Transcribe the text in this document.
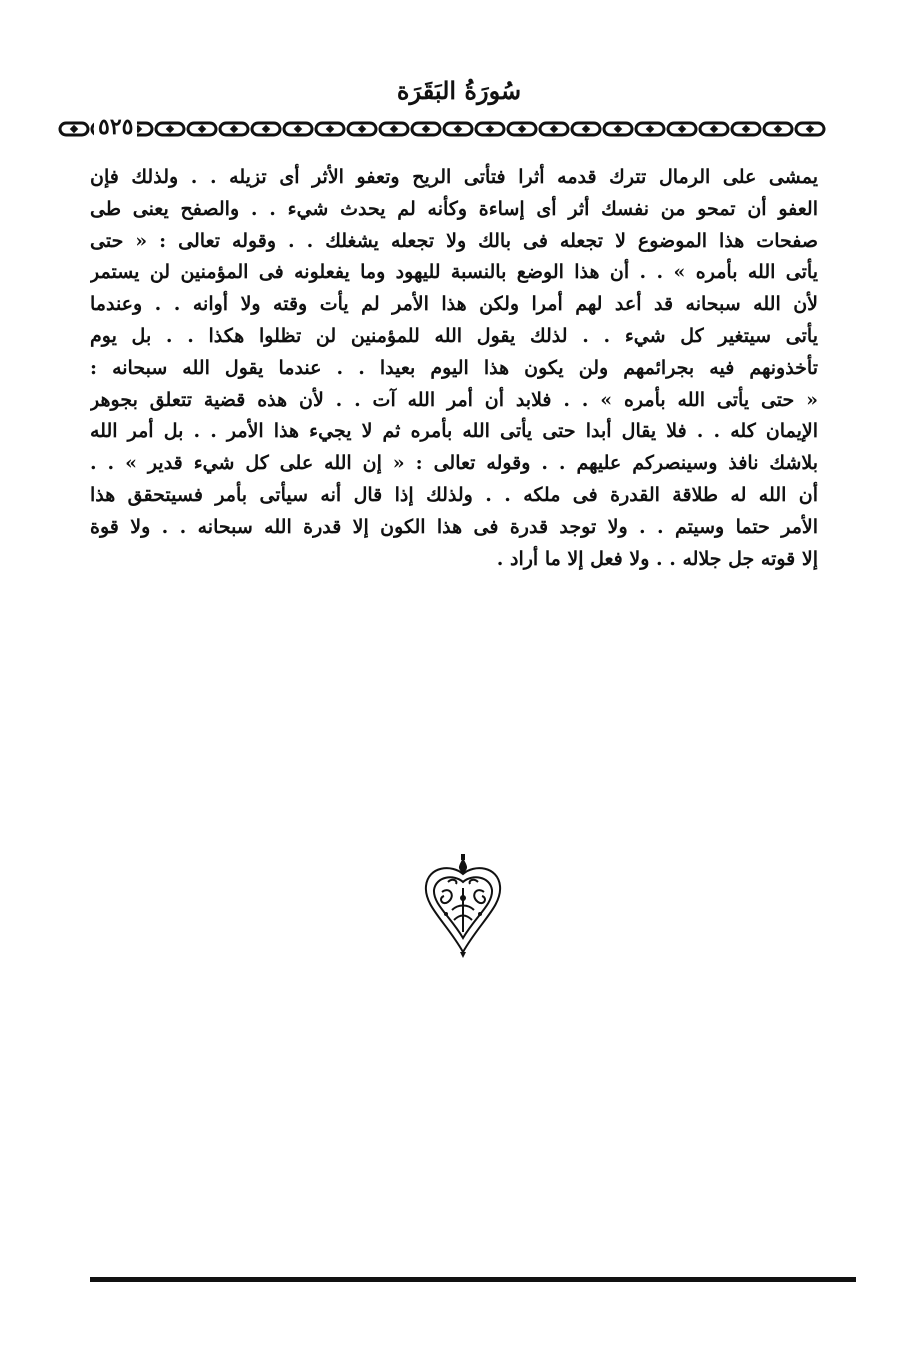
سُورَةُ البَقَرَة
٥٢٥
يمشى على الرمال تترك قدمه أثرا فتأتى الريح وتعفو الأثر أى تزيله . . ولذلك فإن
العفو أن تمحو من نفسك أثر أى إساءة وكأنه لم يحدث شيء . . والصفح يعنى طى
صفحات هذا الموضوع لا تجعله فى بالك ولا تجعله يشغلك . . وقوله تعالى : « حتى
يأتى الله بأمره » . . أن هذا الوضع بالنسبة لليهود وما يفعلونه فى المؤمنين لن يستمر
لأن الله سبحانه قد أعد لهم أمرا ولكن هذا الأمر لم يأت وقته ولا أوانه . . وعندما
يأتى سيتغير كل شيء . . لذلك يقول الله للمؤمنين لن تظلوا هكذا . . بل يوم
تأخذونهم فيه بجرائمهم ولن يكون هذا اليوم بعيدا . . عندما يقول الله سبحانه :
« حتى يأتى الله بأمره » . . فلابد أن أمر الله آت . . لأن هذه قضية تتعلق بجوهر
الإيمان كله . . فلا يقال أبدا حتى يأتى الله بأمره ثم لا يجيء هذا الأمر . . بل أمر الله
بلاشك نافذ وسينصركم عليهم . . وقوله تعالى : « إن الله على كل شيء قدير » . .
أن الله له طلاقة القدرة فى ملكه . . ولذلك إذا قال أنه سيأتى بأمر فسيتحقق هذا
الأمر حتما وسيتم . . ولا توجد قدرة فى هذا الكون إلا قدرة الله سبحانه . . ولا قوة
إلا قوته جل جلاله . . ولا فعل إلا ما أراد .
